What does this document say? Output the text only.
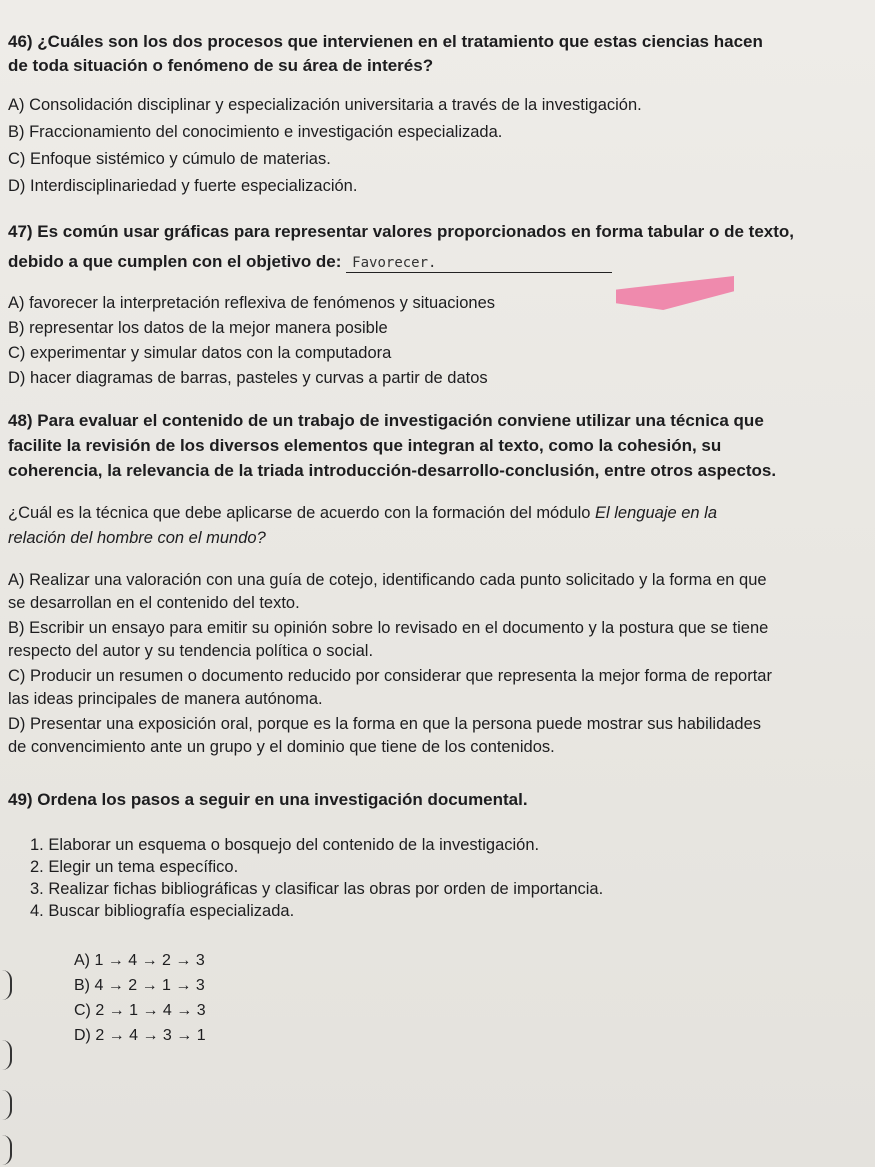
46) ¿Cuáles son los dos procesos que intervienen en el tratamiento que estas ciencias hacen
de toda situación o fenómeno de su área de interés?
A) Consolidación disciplinar y especialización universitaria a través de la investigación.
B) Fraccionamiento del conocimiento e investigación especializada.
C) Enfoque sistémico y cúmulo de materias.
D) Interdisciplinariedad y fuerte especialización.
47) Es común usar gráficas para representar valores proporcionados en forma tabular o de texto,
debido a que cumplen con el objetivo de: Favorecer.
A) favorecer la interpretación reflexiva de fenómenos y situaciones
B) representar los datos de la mejor manera posible
C) experimentar y simular datos con la computadora
D) hacer diagramas de barras, pasteles y curvas a partir de datos
48) Para evaluar el contenido de un trabajo de investigación conviene utilizar una técnica que
facilite la revisión de los diversos elementos que integran al texto, como la cohesión, su
coherencia, la relevancia de la triada introducción-desarrollo-conclusión, entre otros aspectos.
¿Cuál es la técnica que debe aplicarse de acuerdo con la formación del módulo El lenguaje en la
relación del hombre con el mundo?
A) Realizar una valoración con una guía de cotejo, identificando cada punto solicitado y la forma en que
se desarrollan en el contenido del texto.
B) Escribir un ensayo para emitir su opinión sobre lo revisado en el documento y la postura que se tiene
respecto del autor y su tendencia política o social.
C) Producir un resumen o documento reducido por considerar que representa la mejor forma de reportar
las ideas principales de manera autónoma.
D) Presentar una exposición oral, porque es la forma en que la persona puede mostrar sus habilidades
de convencimiento ante un grupo y el dominio que tiene de los contenidos.
49) Ordena los pasos a seguir en una investigación documental.
1. Elaborar un esquema o bosquejo del contenido de la investigación.
2. Elegir un tema específico.
3. Realizar fichas bibliográficas y clasificar las obras por orden de importancia.
4. Buscar bibliografía especializada.
A) 1 → 4 → 2 → 3
B) 4 → 2 → 1 → 3
C) 2 → 1 → 4 → 3
D) 2 → 4 → 3 → 1
